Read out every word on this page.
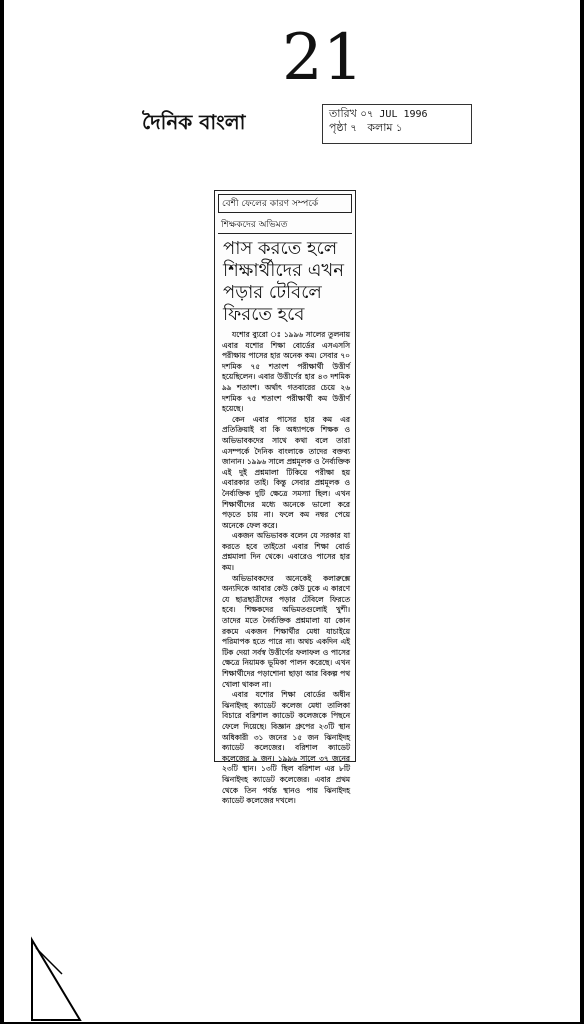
21
দৈনিক বাংলা	তারিখ ০৭ JUL 1996
পৃষ্ঠা ৭ কলাম ১
বেশী ফেলের কারণ সম্পর্কে
শিক্ষকদের অভিমত
পাস করতে হলে
শিক্ষার্থীদের এখন
পড়ার টেবিলে
ফিরতে হবে

যশোর ব্যুরো ঃ ১৯৯৬ সালের তুলনায় এবার যশোর শিক্ষা বোর্ডের এসএসসি পরীক্ষায় পাসের হার অনেক কম। সেবার ৭০ দশমিক ৭৫ শতাংশ পরীক্ষার্থী উত্তীর্ণ হয়েছিলেন। এবার উত্তীর্ণের হার ৪৩ দশমিক ৯৯ শতাংশ। অর্থাৎ গতবারের চেয়ে ২৬ দশমিক ৭৫ শতাংশ পরীক্ষার্থী কম উত্তীর্ণ হয়েছে।

কেন এবার পাসের হার কম এর প্রতিক্রিয়াই বা কি অধ্যাপকে শিক্ষক ও অভিভাবকদের সাথে কথা বলে তারা এসম্পর্কে দৈনিক বাংলাকে তাদের বক্তব্য জানান। ১৯৯৬ সালে প্রশ্নমূলক ও নৈর্ব্যক্তিক এই দুই প্রশ্নমালা টিকিয়ে পরীক্ষা হয় এবারকার তাই। কিন্তু সেবার প্রশ্নমূলক ও নৈর্ব্যক্তিক দুটি ক্ষেত্রে সমস্যা ছিল। এখন শিক্ষার্থীদের মধ্যে অনেকে ভালো করে পড়তে চায় না। ফলে কম নম্বর পেয়ে অনেকে ফেল করে।

একজন অভিভাবক বলেন যে সরকার যা করতে হবে তাইতো এবার শিক্ষা বোর্ড প্রশ্নমালা দিন থেকে। এবারেও পাসের হার কম।

অভিভাবকদের অনেকেই কলারুক্সে অন্যদিকে আবার কেউ কেউ ঢুকে এ কারণে যে ছাত্রছাত্রীদের পড়ার টেবিলে ফিরতে হবে। শিক্ষকদের অভিমতগুলোই খুশী। তাদের মতে নৈর্ব্যক্তিক প্রশ্নমালা যা কোন রকমে একজন শিক্ষার্থীর মেধা যাচাইয়ে পরিমাপক হতে পারে না। অথচ একদিন এই টিক দেয়া সর্বস্ব উত্তীর্ণের ফলাফল ও পাসের ক্ষেত্রে নিয়ামক ভূমিকা পালন করেছে। এখন শিক্ষার্থীদের পড়াশোনা ছাড়া আর বিকল্প পথ খোলা থাকল না।

এবার যশোর শিক্ষা বোর্ডের অধীন ঝিনাইদহ ক্যাডেট কলেজ মেধা তালিকা বিচারে বরিশাল ক্যাডেট কলেজকে পিছনে ফেলে দিয়েছে। বিজ্ঞান গ্রুপের ২৩টি স্থান অধিকারী ৩১ জনের ১৫ জন ঝিনাইদহ ক্যাডেট কলেজের। বরিশাল ক্যাডেট কলেজের ৯ জন। ১৯৯৬ সালে ৩৭ জনের ২৩টি স্থান। ১৩টি ছিল বরিশাল এর ৮টি ঝিনাইদহ ক্যাডেট কলেজের। এবার প্রথম থেকে তিন পর্যন্ত স্থানও পায় ঝিনাইদহ ক্যাডেট কলেজের দখলে।
